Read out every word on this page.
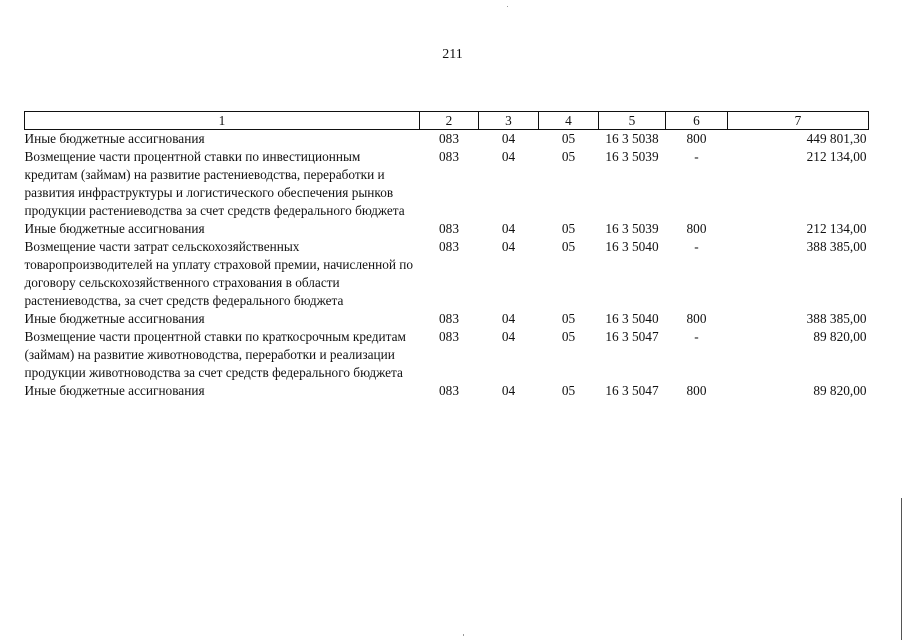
211
1	2	3	4	5	6	7
Иные бюджетные ассигнования	083	04	05	16 3 5038	800	449 801,30
Возмещение части процентной ставки по инвестиционным кредитам (займам) на развитие растениеводства, переработки и развития инфраструктуры и логистического обеспечения рынков продукции растениеводства за счет средств федерального бюджета	083	04	05	16 3 5039	-	212 134,00
Иные бюджетные ассигнования	083	04	05	16 3 5039	800	212 134,00
Возмещение части затрат сельскохозяйственных товаропроизводителей на уплату страховой премии, начисленной по договору сельскохозяйственного страхования в области растениеводства, за счет средств федерального бюджета	083	04	05	16 3 5040	-	388 385,00
Иные бюджетные ассигнования	083	04	05	16 3 5040	800	388 385,00
Возмещение части процентной ставки по краткосрочным кредитам (займам) на развитие животноводства, переработки и реализации продукции животноводства за счет средств федерального бюджета	083	04	05	16 3 5047	-	89 820,00
Иные бюджетные ассигнования	083	04	05	16 3 5047	800	89 820,00
